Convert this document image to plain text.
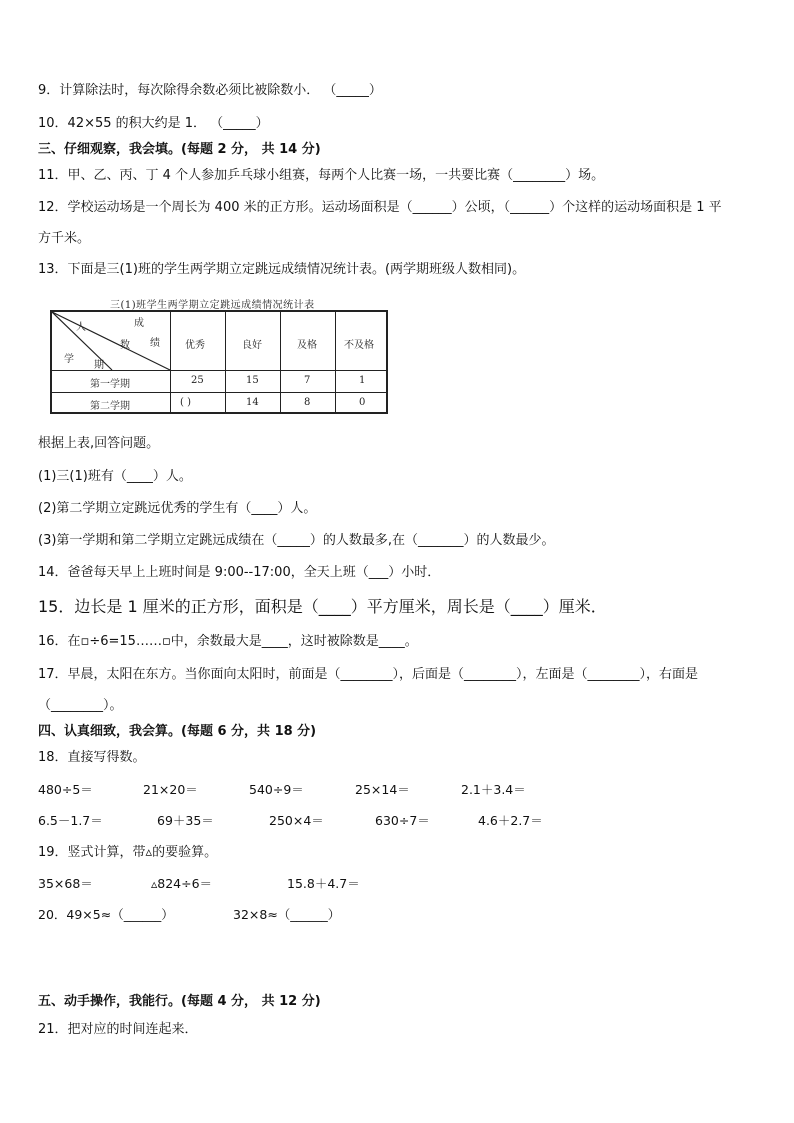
9．计算除法时，每次除得余数必须比被除数小． （_____）
10．42×55 的积大约是 1． （_____）
三、仔细观察，我会填。(每题 2 分， 共 14 分)
11．甲、乙、丙、丁 4 个人参加乒乓球小组赛，每两个人比赛一场，一共要比赛（________）场。
12．学校运动场是一个周长为 400 米的正方形。运动场面积是（______）公顷，（______）个这样的运动场面积是 1 平
方千米。
13．下面是三(1)班的学生两学期立定跳远成绩情况统计表。(两学期班级人数相同)。
三(1)班学生两学期立定跳远成绩情况统计表
人	成
数 绩
学
期
优秀	良好	及格	不及格
第一学期	25	15	7	1
第二学期	( )	14	8	0
根据上表,回答问题。
(1)三(1)班有（____）人。
(2)第二学期立定跳远优秀的学生有（____）人。
(3)第一学期和第二学期立定跳远成绩在（_____）的人数最多,在（_______）的人数最少。
14．爸爸每天早上上班时间是 9:00--17:00，全天上班（___）小时．
15．边长是 1 厘米的正方形，面积是（____）平方厘米，周长是（____）厘米．
16．在▫÷6=15……▫中，余数最大是____，这时被除数是____。
17．早晨，太阳在东方。当你面向太阳时，前面是（________），后面是（________），左面是（________），右面是
（________）。
四、认真细致，我会算。(每题 6 分，共 18 分)
18．直接写得数。
480÷5＝	21×20＝	540÷9＝	25×14＝	2.1＋3.4＝
6.5－1.7＝	69＋35＝	250×4＝	630÷7＝	4.6＋2.7＝
19．竖式计算，带▵的要验算。
35×68＝	▵824÷6＝	15.8＋4.7＝
20．49×5≈（______）	32×8≈（______）
五、动手操作，我能行。(每题 4 分， 共 12 分)
21．把对应的时间连起来．
